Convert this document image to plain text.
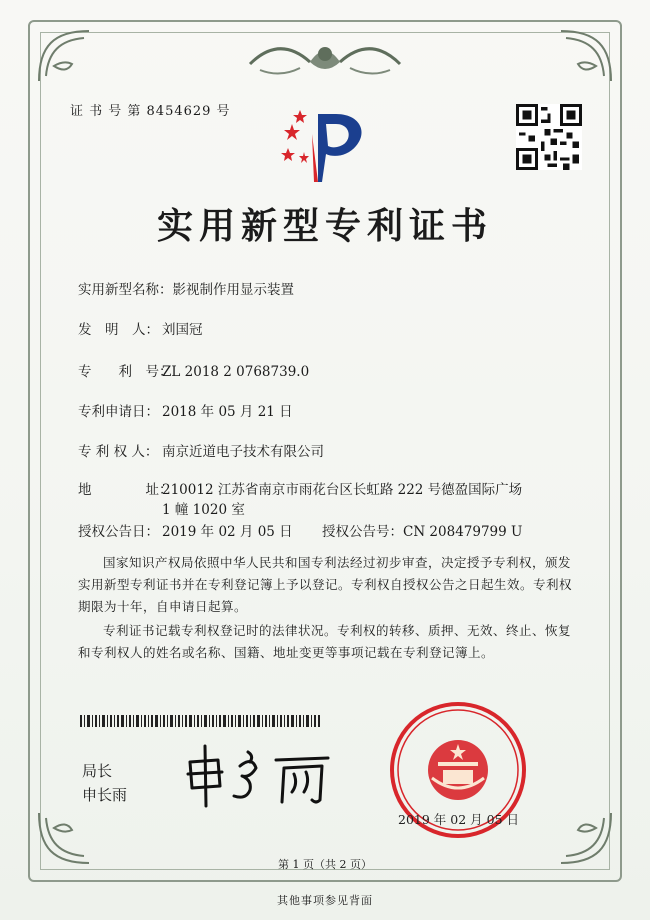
证 书 号 第 8454629 号
实用新型专利证书
实用新型名称：影视制作用显示装置
发　明　人： 刘国冠
专　　利　号：ZL 2018 2 0768739.0
专利申请日： 2018 年 05 月 21 日
专 利 权 人： 南京近道电子技术有限公司
地　　　　址：210012 江苏省南京市雨花台区长虹路 222 号德盈国际广场
1 幢 1020 室
授权公告日： 2019 年 02 月 05 日 授权公告号：CN 208479799 U
国家知识产权局依照中华人民共和国专利法经过初步审查，决定授予专利权，颁发实用新型专利证书并在专利登记簿上予以登记。专利权自授权公告之日起生效。专利权期限为十年，自申请日起算。
专利证书记载专利权登记时的法律状况。专利权的转移、质押、无效、终止、恢复和专利权人的姓名或名称、国籍、地址变更等事项记载在专利登记簿上。
局长
申长雨
2019 年 02 月 05 日
第 1 页（共 2 页）
其他事项参见背面
